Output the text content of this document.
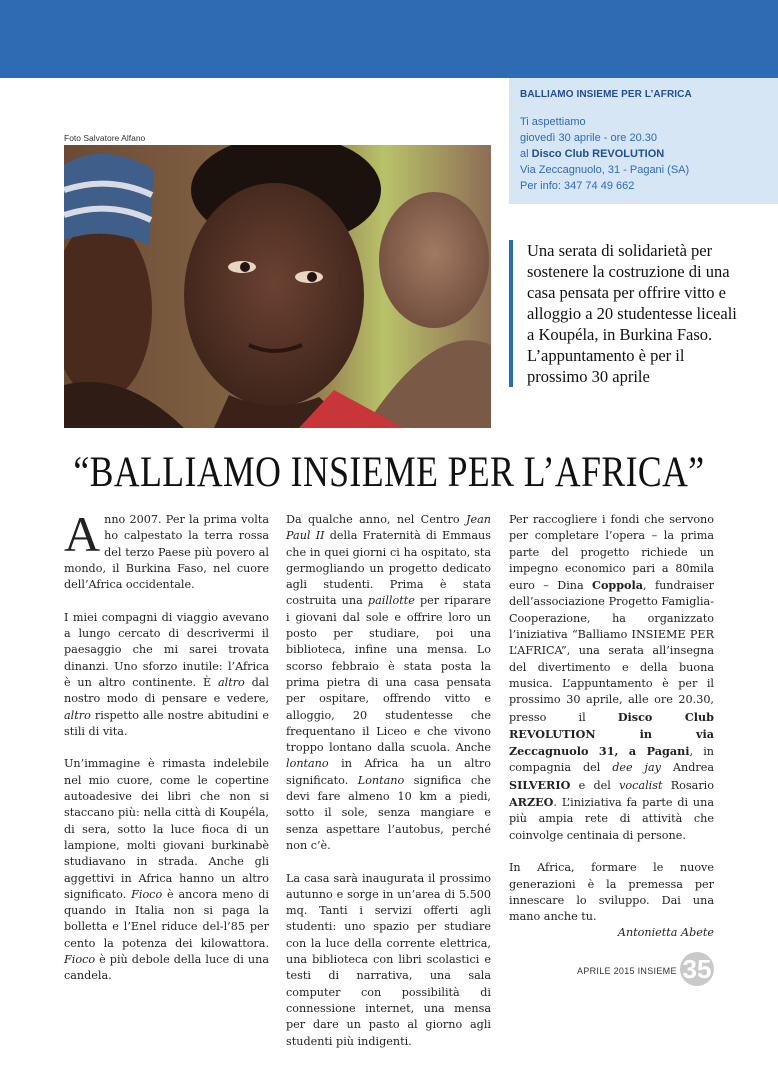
Foto Salvatore Alfano
BALLIAMO INSIEME PER L’AFRICA
Ti aspettiamo
giovedì 30 aprile - ore 20.30
al Disco Club REVOLUTION
Via Zeccagnuolo, 31 - Pagani (SA)
Per info: 347 74 49 662
Una serata di solidarietà per sostenere la costruzione di una casa pensata per offrire vitto e alloggio a 20 studentesse liceali a Koupéla, in Burkina Faso. L’appuntamento è per il prossimo 30 aprile
“BALLIAMO INSIEME PER L’AFRICA”

Anno 2007. Per la prima volta ho calpestato la terra rossa del terzo Paese più povero al mondo, il Burkina Faso, nel cuore dell’Africa occidentale.

I miei compagni di viaggio avevano a lungo cercato di descrivermi il paesaggio che mi sarei trovata dinanzi. Uno sforzo inutile: l’Africa è un altro continente. È altro dal nostro modo di pensare e vedere, altro rispetto alle nostre abitudini e stili di vita.

Un’immagine è rimasta indelebile nel mio cuore, come le copertine autoadesive dei libri che non si staccano più: nella città di Koupéla, di sera, sotto la luce fioca di un lampione, molti giovani burkinabè studiavano in strada. Anche gli aggettivi in Africa hanno un altro significato. Fioco è ancora meno di quando in Italia non si paga la bolletta e l’Enel riduce del-l’85 per cento la potenza dei kilowattora. Fioco è più debole della luce di una candela.

Da qualche anno, nel Centro Jean Paul II della Fraternità di Emmaus che in quei giorni ci ha ospitato, sta germogliando un progetto dedicato agli studenti. Prima è stata costruita una paillotte per riparare i giovani dal sole e offrire loro un posto per studiare, poi una biblioteca, infine una mensa. Lo scorso febbraio è stata posta la prima pietra di una casa pensata per ospitare, offrendo vitto e alloggio, 20 studentesse che frequentano il Liceo e che vivono troppo lontano dalla scuola. Anche lontano in Africa ha un altro significato. Lontano significa che devi fare almeno 10 km a piedi, sotto il sole, senza mangiare e senza aspettare l’autobus, perché non c’è.

La casa sarà inaugurata il prossimo autunno e sorge in un’area di 5.500 mq. Tanti i servizi offerti agli studenti: uno spazio per studiare con la luce della corrente elettrica, una biblioteca con libri scolastici e testi di narrativa, una sala computer con possibilità di connessione internet, una mensa per dare un pasto al giorno agli studenti più indigenti.

Per raccogliere i fondi che servono per completare l’opera – la prima parte del progetto richiede un impegno economico pari a 80mila euro – Dina Coppola, fundraiser dell’associazione Progetto Famiglia-Cooperazione, ha organizzato l’iniziativa “Balliamo INSIEME PER L’AFRICA”, una serata all’insegna del divertimento e della buona musica. L’appuntamento è per il prossimo 30 aprile, alle ore 20.30, presso il Disco Club REVOLUTION in via Zeccagnuolo 31, a Pagani, in compagnia del dee jay Andrea SILVERIO e del vocalist Rosario ARZEO. L’iniziativa fa parte di una più ampia rete di attività che coinvolge centinaia di persone.

In Africa, formare le nuove generazioni è la premessa per innescare lo sviluppo. Dai una mano anche tu.

Antonietta Abete

APRILE 2015 INSIEME 35
